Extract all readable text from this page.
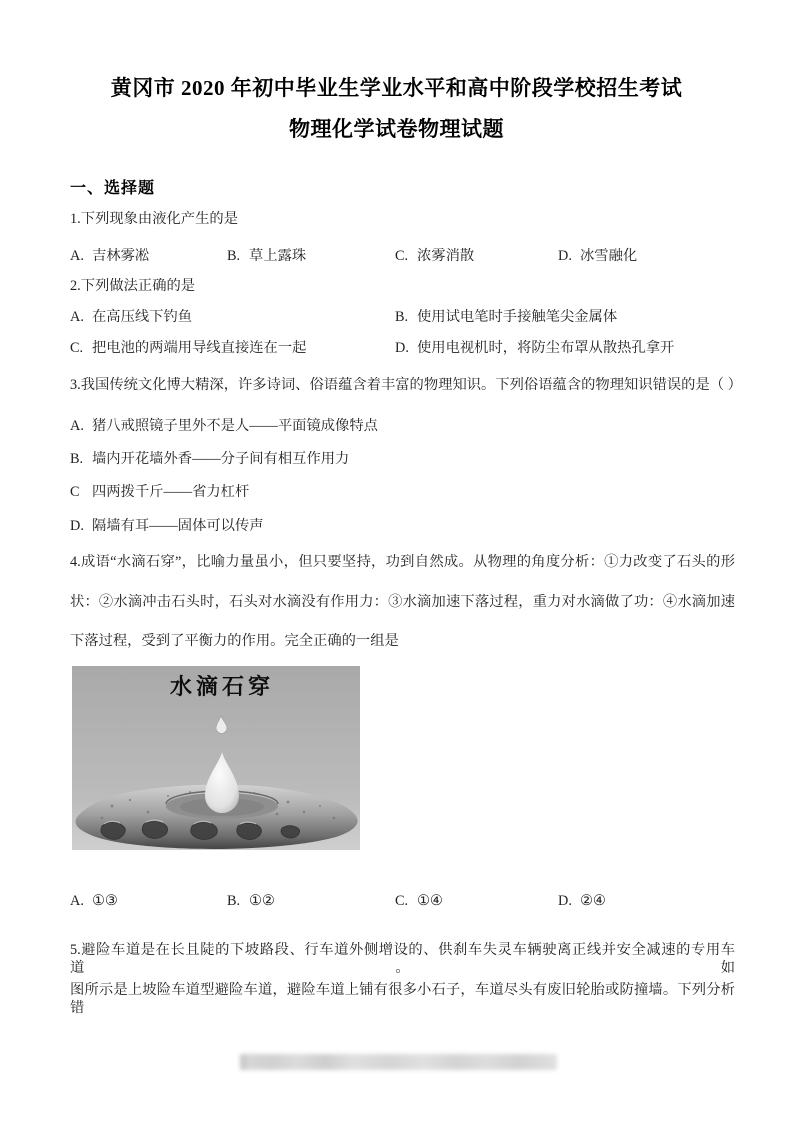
黄冈市 2020 年初中毕业生学业水平和高中阶段学校招生考试
物理化学试卷物理试题
一、选择题
1.下列现象由液化产生的是
A. 吉林雾凇	B. 草上露珠	C. 浓雾消散	D. 冰雪融化
2.下列做法正确的是
A. 在高压线下钓鱼	B. 使用试电笔时手接触笔尖金属体
C. 把电池的两端用导线直接连在一起	D. 使用电视机时，将防尘布罩从散热孔拿开
3.我国传统文化博大精深，许多诗词、俗语蕴含着丰富的物理知识。下列俗语蕴含的物理知识错误的是（ ）
A. 猪八戒照镜子里外不是人——平面镜成像特点
B. 墙内开花墙外香——分子间有相互作用力
C 四两拨千斤——省力杠杆
D. 隔墙有耳——固体可以传声
4.成语“水滴石穿”，比喻力量虽小，但只要坚持，功到自然成。从物理的角度分析：①力改变了石头的形
状：②水滴冲击石头时，石头对水滴没有作用力：③水滴加速下落过程，重力对水滴做了功：④水滴加速
下落过程，受到了平衡力的作用。完全正确的一组是
水滴石穿
A. ①③	B. ①②	C. ①④	D. ②④
5.避险车道是在长且陡的下坡路段、行车道外侧增设的、供刹车失灵车辆驶离正线并安全减速的专用车道。如
图所示是上坡险车道型避险车道，避险车道上铺有很多小石子，车道尽头有废旧轮胎或防撞墙。下列分析错
